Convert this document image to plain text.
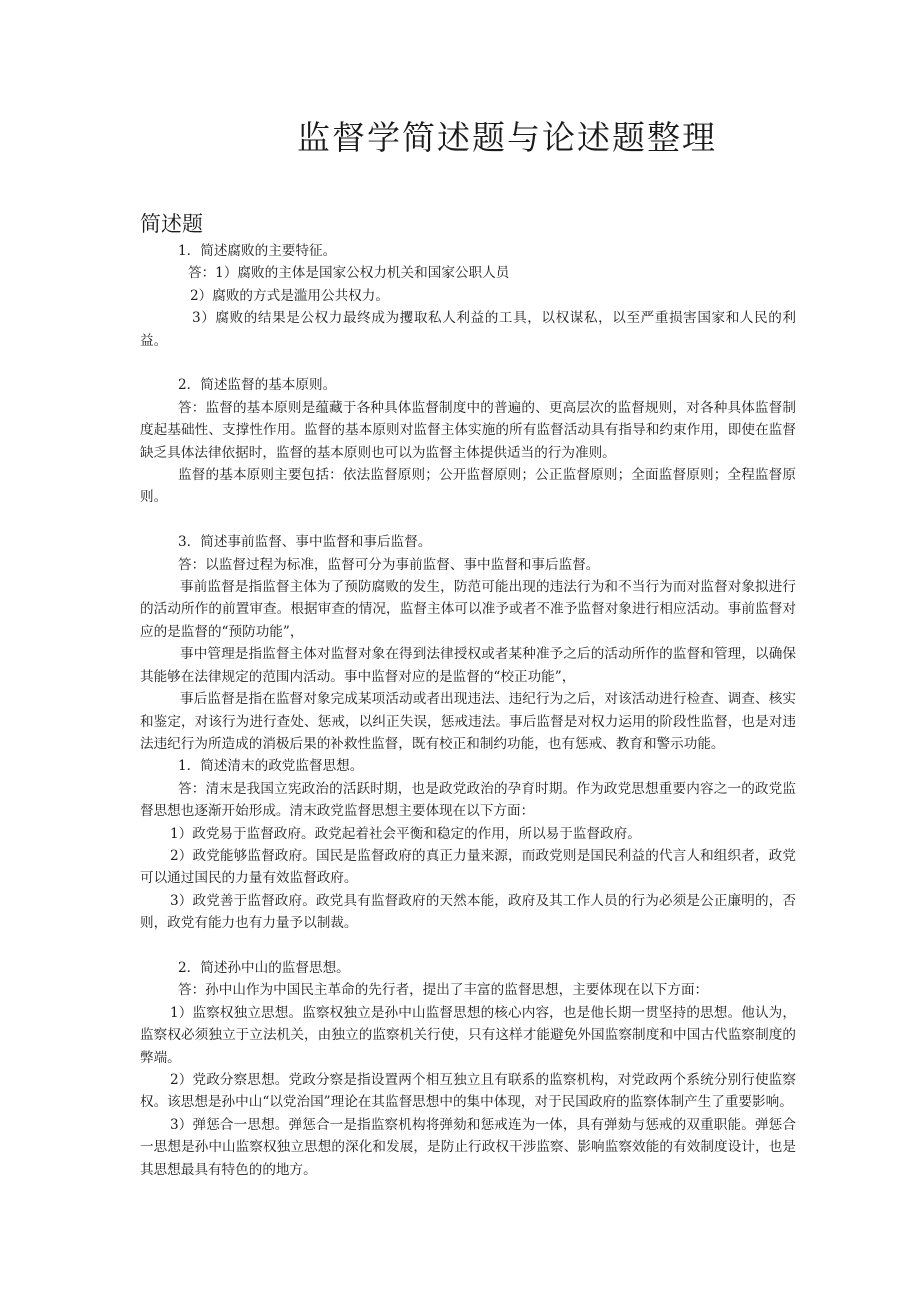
监督学简述题与论述题整理
简述题

1．简述腐败的主要特征。

答：1）腐败的主体是国家公权力机关和国家公职人员

2）腐败的方式是滥用公共权力。

3）腐败的结果是公权力最终成为攫取私人利益的工具，以权谋私，以至严重损害国家和人民的利益。

2．简述监督的基本原则。

答：监督的基本原则是蕴藏于各种具体监督制度中的普遍的、更高层次的监督规则，对各种具体监督制度起基础性、支撑性作用。监督的基本原则对监督主体实施的所有监督活动具有指导和约束作用，即使在监督缺乏具体法律依据时，监督的基本原则也可以为监督主体提供适当的行为准则。

监督的基本原则主要包括：依法监督原则；公开监督原则；公正监督原则；全面监督原则；全程监督原则。

3．简述事前监督、事中监督和事后监督。

答：以监督过程为标准，监督可分为事前监督、事中监督和事后监督。

事前监督是指监督主体为了预防腐败的发生，防范可能出现的违法行为和不当行为而对监督对象拟进行的活动所作的前置审查。根据审查的情况，监督主体可以准予或者不准予监督对象进行相应活动。事前监督对应的是监督的“预防功能”，

事中管理是指监督主体对监督对象在得到法律授权或者某种准予之后的活动所作的监督和管理，以确保其能够在法律规定的范围内活动。事中监督对应的是监督的“校正功能”，

事后监督是指在监督对象完成某项活动或者出现违法、违纪行为之后，对该活动进行检查、调查、核实和鉴定，对该行为进行查处、惩戒，以纠正失误，惩戒违法。事后监督是对权力运用的阶段性监督，也是对违法违纪行为所造成的消极后果的补救性监督，既有校正和制约功能，也有惩戒、教育和警示功能。

1．简述清末的政党监督思想。

答：清末是我国立宪政治的活跃时期，也是政党政治的孕育时期。作为政党思想重要内容之一的政党监督思想也逐渐开始形成。清末政党监督思想主要体现在以下方面：

1）政党易于监督政府。政党起着社会平衡和稳定的作用，所以易于监督政府。

2）政党能够监督政府。国民是监督政府的真正力量来源，而政党则是国民利益的代言人和组织者，政党可以通过国民的力量有效监督政府。

3）政党善于监督政府。政党具有监督政府的天然本能，政府及其工作人员的行为必须是公正廉明的，否则，政党有能力也有力量予以制裁。

2．简述孙中山的监督思想。

答：孙中山作为中国民主革命的先行者，提出了丰富的监督思想，主要体现在以下方面：

1）监察权独立思想。监察权独立是孙中山监督思想的核心内容，也是他长期一贯坚持的思想。他认为，监察权必须独立于立法机关，由独立的监察机关行使，只有这样才能避免外国监察制度和中国古代监察制度的弊端。

2）党政分察思想。党政分察是指设置两个相互独立且有联系的监察机构，对党政两个系统分别行使监察权。该思想是孙中山“以党治国”理论在其监督思想中的集中体现，对于民国政府的监察体制产生了重要影响。

3）弹惩合一思想。弹惩合一是指监察机构将弹劾和惩戒连为一体，具有弹劾与惩戒的双重职能。弹惩合一思想是孙中山监察权独立思想的深化和发展，是防止行政权干涉监察、影响监察效能的有效制度设计，也是其思想最具有特色的的地方。
